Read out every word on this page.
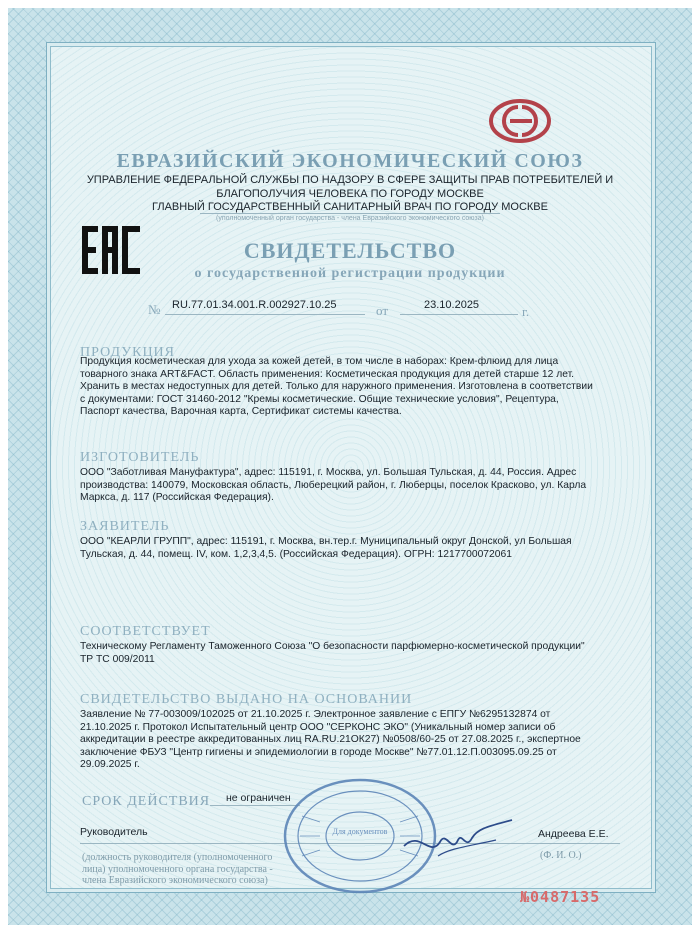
ЕВРАЗИЙСКИЙ ЭКОНОМИЧЕСКИЙ СОЮЗ
УПРАВЛЕНИЕ ФЕДЕРАЛЬНОЙ СЛУЖБЫ ПО НАДЗОРУ В СФЕРЕ ЗАЩИТЫ ПРАВ ПОТРЕБИТЕЛЕЙ И
БЛАГОПОЛУЧИЯ ЧЕЛОВЕКА ПО ГОРОДУ МОСКВЕ
ГЛАВНЫЙ ГОСУДАРСТВЕННЫЙ САНИТАРНЫЙ ВРАЧ ПО ГОРОДУ МОСКВЕ
(уполномоченный орган государства - члена Евразийского экономического союза)
СВИДЕТЕЛЬСТВО
о государственной регистрации продукции
№ RU.77.01.34.001.R.002927.10.25	от	23.10.2025	г.
ПРОДУКЦИЯ
Продукция косметическая для ухода за кожей детей, в том числе в наборах: Крем-флюид для лица
товарного знака ART&FACT. Область применения: Косметическая продукция для детей старше 12 лет.
Хранить в местах недоступных для детей. Только для наружного применения. Изготовлена в соответствии
с документами: ГОСТ 31460-2012 "Кремы косметические. Общие технические условия", Рецептура,
Паспорт качества, Варочная карта, Сертификат системы качества.
ИЗГОТОВИТЕЛЬ
ООО "Заботливая Мануфактура", адрес: 115191, г. Москва, ул. Большая Тульская, д. 44, Россия. Адрес
производства: 140079, Московская область, Люберецкий район, г. Люберцы, поселок Красково, ул. Карла
Маркса, д. 117 (Российская Федерация).
ЗАЯВИТЕЛЬ
ООО "КЕАРЛИ ГРУПП", адрес: 115191, г. Москва, вн.тер.г. Муниципальный округ Донской, ул Большая
Тульская, д. 44, помещ. IV, ком. 1,2,3,4,5. (Российская Федерация). ОГРН: 1217700072061
СООТВЕТСТВУЕТ
Техническому Регламенту Таможенного Союза "О безопасности парфюмерно-косметической продукции"
ТР ТС 009/2011
СВИДЕТЕЛЬСТВО ВЫДАНО НА ОСНОВАНИИ
Заявление № 77-003009/102025 от 21.10.2025 г. Электронное заявление с ЕПГУ №6295132874 от
21.10.2025 г. Протокол Испытательный центр ООО "СЕРКОНС ЭКО" (Уникальный номер записи об
аккредитации в реестре аккредитованных лиц RA.RU.21ОК27) №0508/60-25 от 27.08.2025 г., экспертное
заключение ФБУЗ "Центр гигиены и эпидемиологии в городе Москве" №77.01.12.П.003095.09.25 от
29.09.2025 г.
СРОК ДЕЙСТВИЯ не ограничен
Руководитель	Андреева Е.Е.
(должность руководителя (уполномоченного
лица) уполномоченного органа государства -
члена Евразийского экономического союза)
(Ф. И. О.)
Для документов
№0487135
